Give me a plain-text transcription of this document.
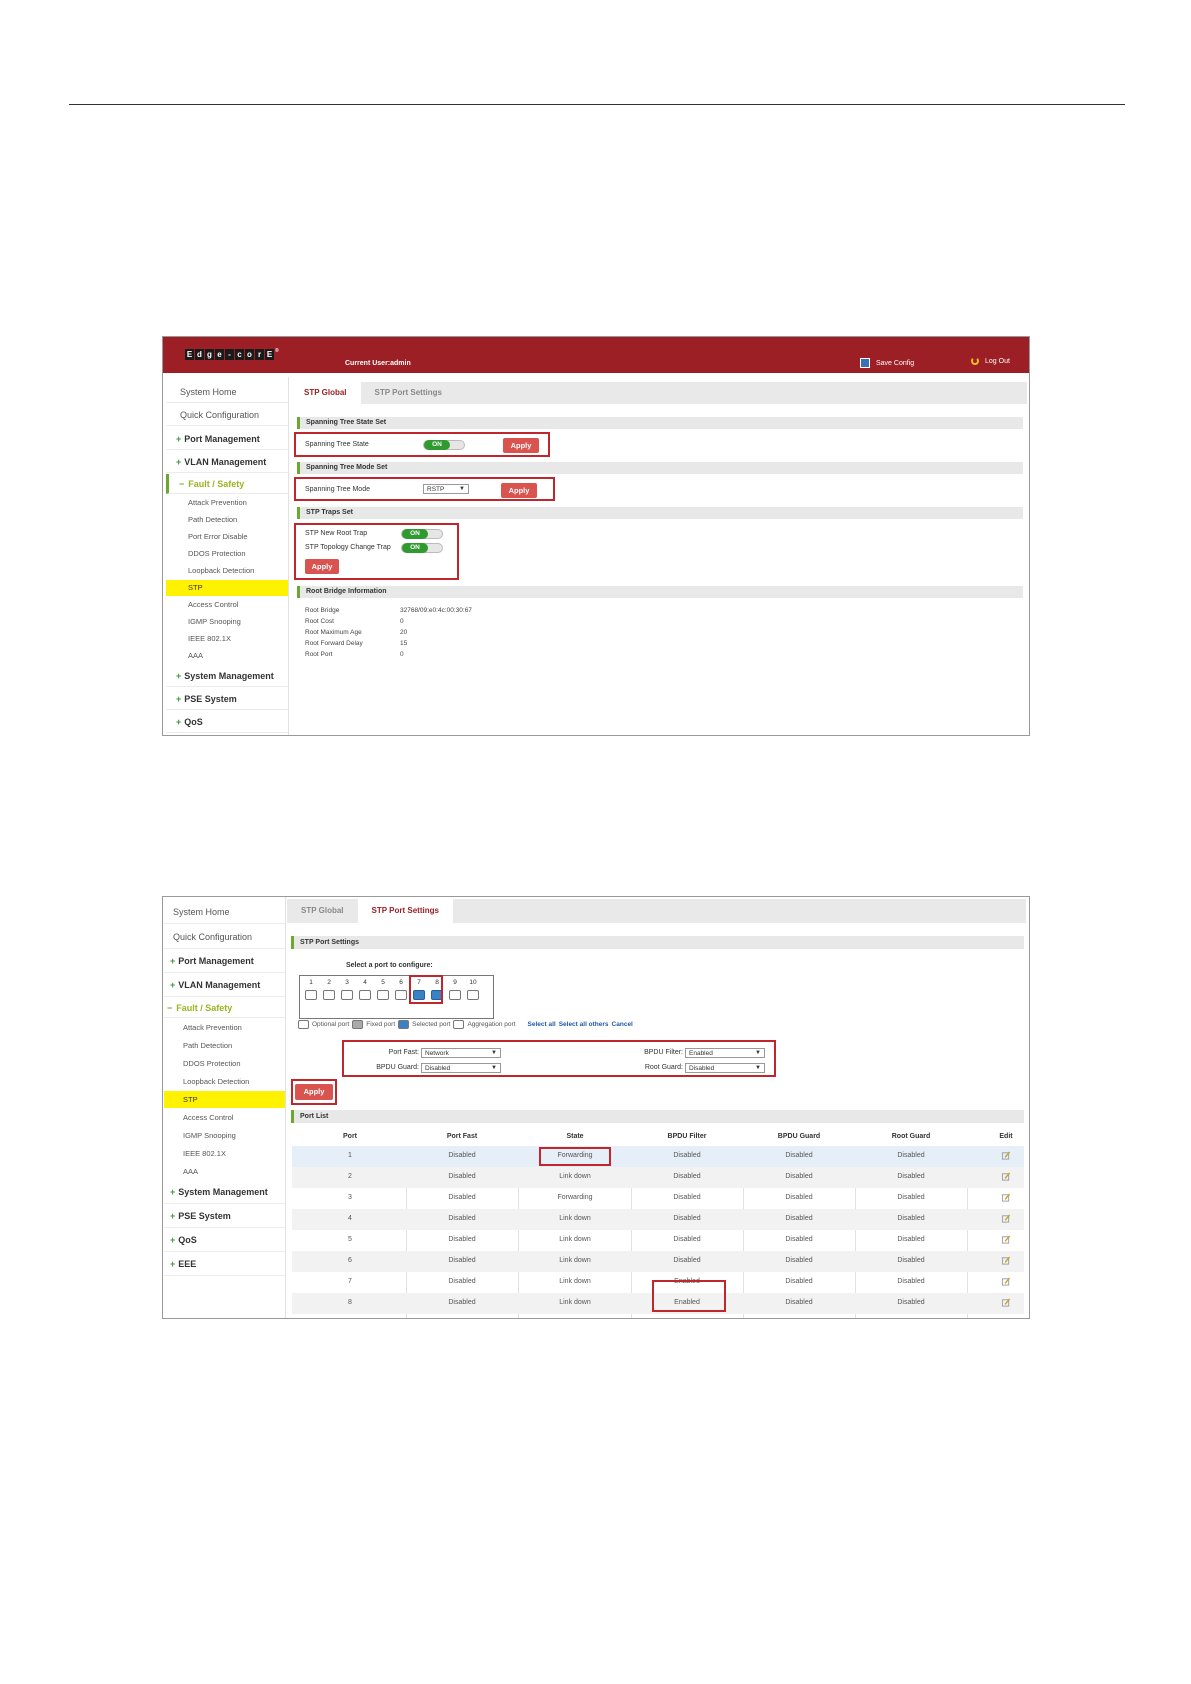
E d g e - c o r E ®
Current User:admin	Save Config	Log Out
System Home
Quick Configuration
+ Port Management
+ VLAN Management
− Fault / Safety
Attack Prevention
Path Detection
Port Error Disable
DDOS Protection
Loopback Detection
STP
Access Control
IGMP Snooping
IEEE 802.1X
AAA
+ System Management
+ PSE System
+ QoS
STP Global	STP Port Settings
Spanning Tree State Set
Spanning Tree State	ON	Apply
Spanning Tree Mode Set
Spanning Tree Mode	RSTP ▼	Apply
STP Traps Set
STP New Root Trap	ON
STP Topology Change Trap	ON
Apply
Root Bridge Information
Root Bridge	32768/09:e0:4c:00:30:67
Root Cost	0
Root Maximum Age	20
Root Forward Delay	15
Root Port	0
System Home
Quick Configuration
+ Port Management
+ VLAN Management
− Fault / Safety
Attack Prevention
Path Detection
DDOS Protection
Loopback Detection
STP
Access Control
IGMP Snooping
IEEE 802.1X
AAA
+ System Management
+ PSE System
+ QoS
+ EEE
STP Global	STP Port Settings
STP Port Settings
Select a port to configure:
1	2	3	4	5	6	7	8	9	10
Optional port	Fixed port	Selected port	Aggregation port Select all Select all others Cancel
Port Fast: Network	▼
BPDU Guard: Disabled	▼
BPDU Filter: Enabled	▼
Root Guard: Disabled	▼
Apply
Port List
Port	Port Fast	State	BPDU Filter	BPDU Guard	Root Guard	Edit
1	Disabled	Forwarding	Disabled	Disabled	Disabled
2	Disabled	Link down	Disabled	Disabled	Disabled
3	Disabled	Forwarding	Disabled	Disabled	Disabled
4	Disabled	Link down	Disabled	Disabled	Disabled
5	Disabled	Link down	Disabled	Disabled	Disabled
6	Disabled	Link down	Disabled	Disabled	Disabled
7	Disabled	Link down	Enabled	Disabled	Disabled
8	Disabled	Link down	Enabled	Disabled	Disabled
